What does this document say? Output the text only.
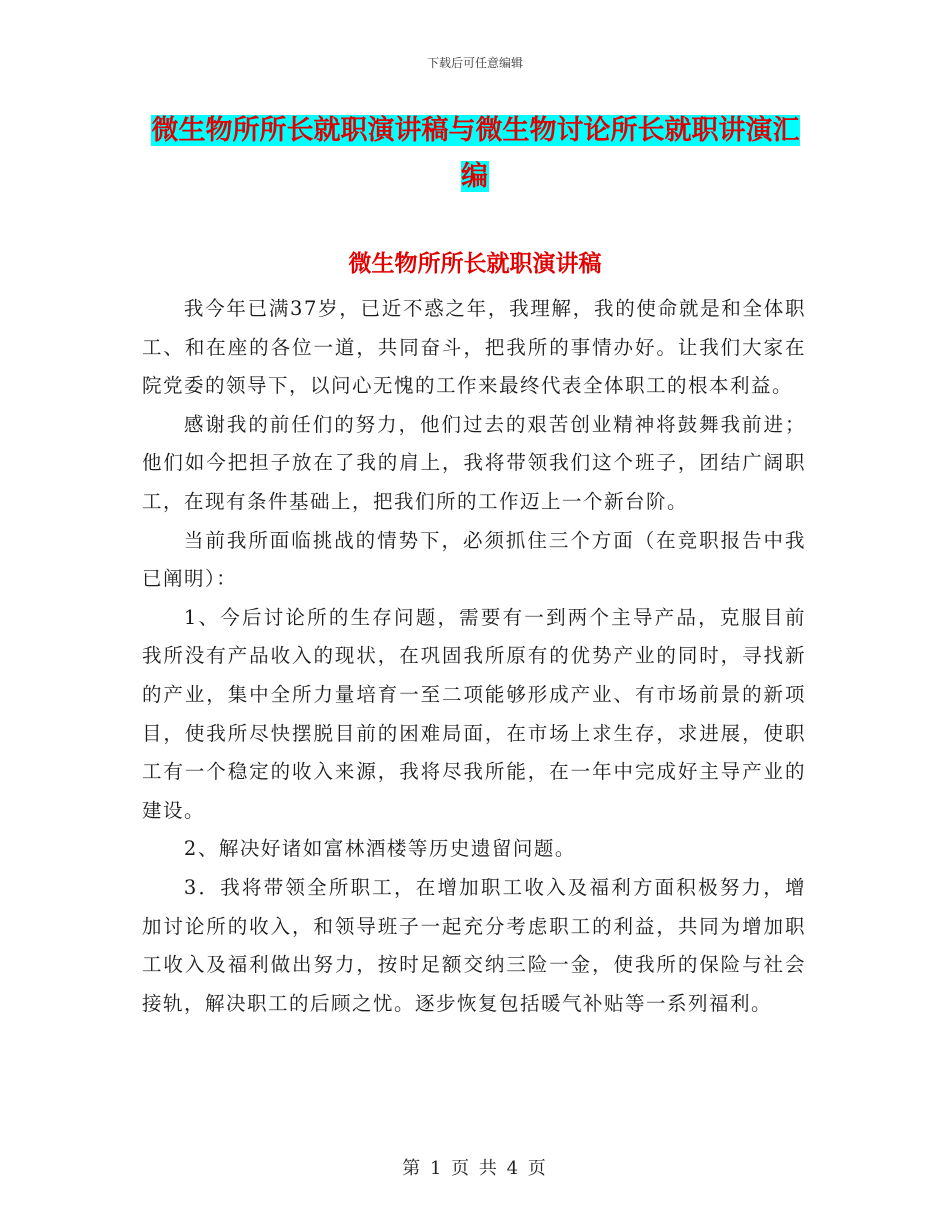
下载后可任意编辑
微生物所所长就职演讲稿与微生物讨论所长就职讲演汇编
微生物所所长就职演讲稿

我今年已满37岁，已近不惑之年，我理解，我的使命就是和全体职工、和在座的各位一道，共同奋斗，把我所的事情办好。让我们大家在院党委的领导下，以问心无愧的工作来最终代表全体职工的根本利益。

感谢我的前任们的努力，他们过去的艰苦创业精神将鼓舞我前进；他们如今把担子放在了我的肩上，我将带领我们这个班子，团结广阔职工，在现有条件基础上，把我们所的工作迈上一个新台阶。

当前我所面临挑战的情势下，必须抓住三个方面（在竞职报告中我已阐明）：

1、今后讨论所的生存问题，需要有一到两个主导产品，克服目前我所没有产品收入的现状，在巩固我所原有的优势产业的同时，寻找新的产业，集中全所力量培育一至二项能够形成产业、有市场前景的新项目，使我所尽快摆脱目前的困难局面，在市场上求生存，求进展，使职工有一个稳定的收入来源，我将尽我所能，在一年中完成好主导产业的建设。

2、解决好诸如富林酒楼等历史遗留问题。

3．我将带领全所职工，在增加职工收入及福利方面积极努力，增加讨论所的收入，和领导班子一起充分考虑职工的利益，共同为增加职工收入及福利做出努力，按时足额交纳三险一金，使我所的保险与社会接轨，解决职工的后顾之忧。逐步恢复包括暖气补贴等一系列福利。

第 1 页 共 4 页
